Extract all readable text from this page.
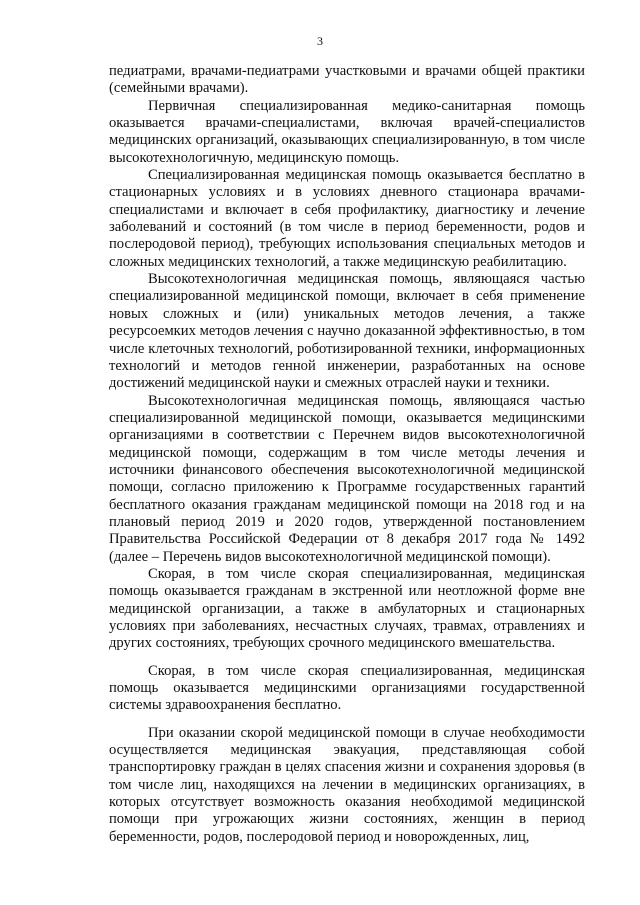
3

педиатрами, врачами-педиатрами участковыми и врачами общей практики (семейными врачами).

Первичная специализированная медико-санитарная помощь оказывается врачами-специалистами, включая врачей-специалистов медицинских организаций, оказывающих специализированную, в том числе высокотехнологичную, медицинскую помощь.

Специализированная медицинская помощь оказывается бесплатно в стационарных условиях и в условиях дневного стационара врачами-специалистами и включает в себя профилактику, диагностику и лечение заболеваний и состояний (в том числе в период беременности, родов и послеродовой период), требующих использования специальных методов и сложных медицинских технологий, а также медицинскую реабилитацию.

Высокотехнологичная медицинская помощь, являющаяся частью специализированной медицинской помощи, включает в себя применение новых сложных и (или) уникальных методов лечения, а также ресурсоемких методов лечения с научно доказанной эффективностью, в том числе клеточных технологий, роботизированной техники, информационных технологий и методов генной инженерии, разработанных на основе достижений медицинской науки и смежных отраслей науки и техники.

Высокотехнологичная медицинская помощь, являющаяся частью специализированной медицинской помощи, оказывается медицинскими организациями в соответствии с Перечнем видов высокотехнологичной медицинской помощи, содержащим в том числе методы лечения и источники финансового обеспечения высокотехнологичной медицинской помощи, согласно приложению к Программе государственных гарантий бесплатного оказания гражданам медицинской помощи на 2018 год и на плановый период 2019 и 2020 годов, утвержденной постановлением Правительства Российской Федерации от 8 декабря 2017 года № 1492 (далее – Перечень видов высокотехнологичной медицинской помощи).

Скорая, в том числе скорая специализированная, медицинская помощь оказывается гражданам в экстренной или неотложной форме вне медицинской организации, а также в амбулаторных и стационарных условиях при заболеваниях, несчастных случаях, травмах, отравлениях и других состояниях, требующих срочного медицинского вмешательства.

Скорая, в том числе скорая специализированная, медицинская помощь оказывается медицинскими организациями государственной системы здравоохранения бесплатно.

При оказании скорой медицинской помощи в случае необходимости осуществляется медицинская эвакуация, представляющая собой транспортировку граждан в целях спасения жизни и сохранения здоровья (в том числе лиц, находящихся на лечении в медицинских организациях, в которых отсутствует возможность оказания необходимой медицинской помощи при угрожающих жизни состояниях, женщин в период беременности, родов, послеродовой период и новорожденных, лиц,
